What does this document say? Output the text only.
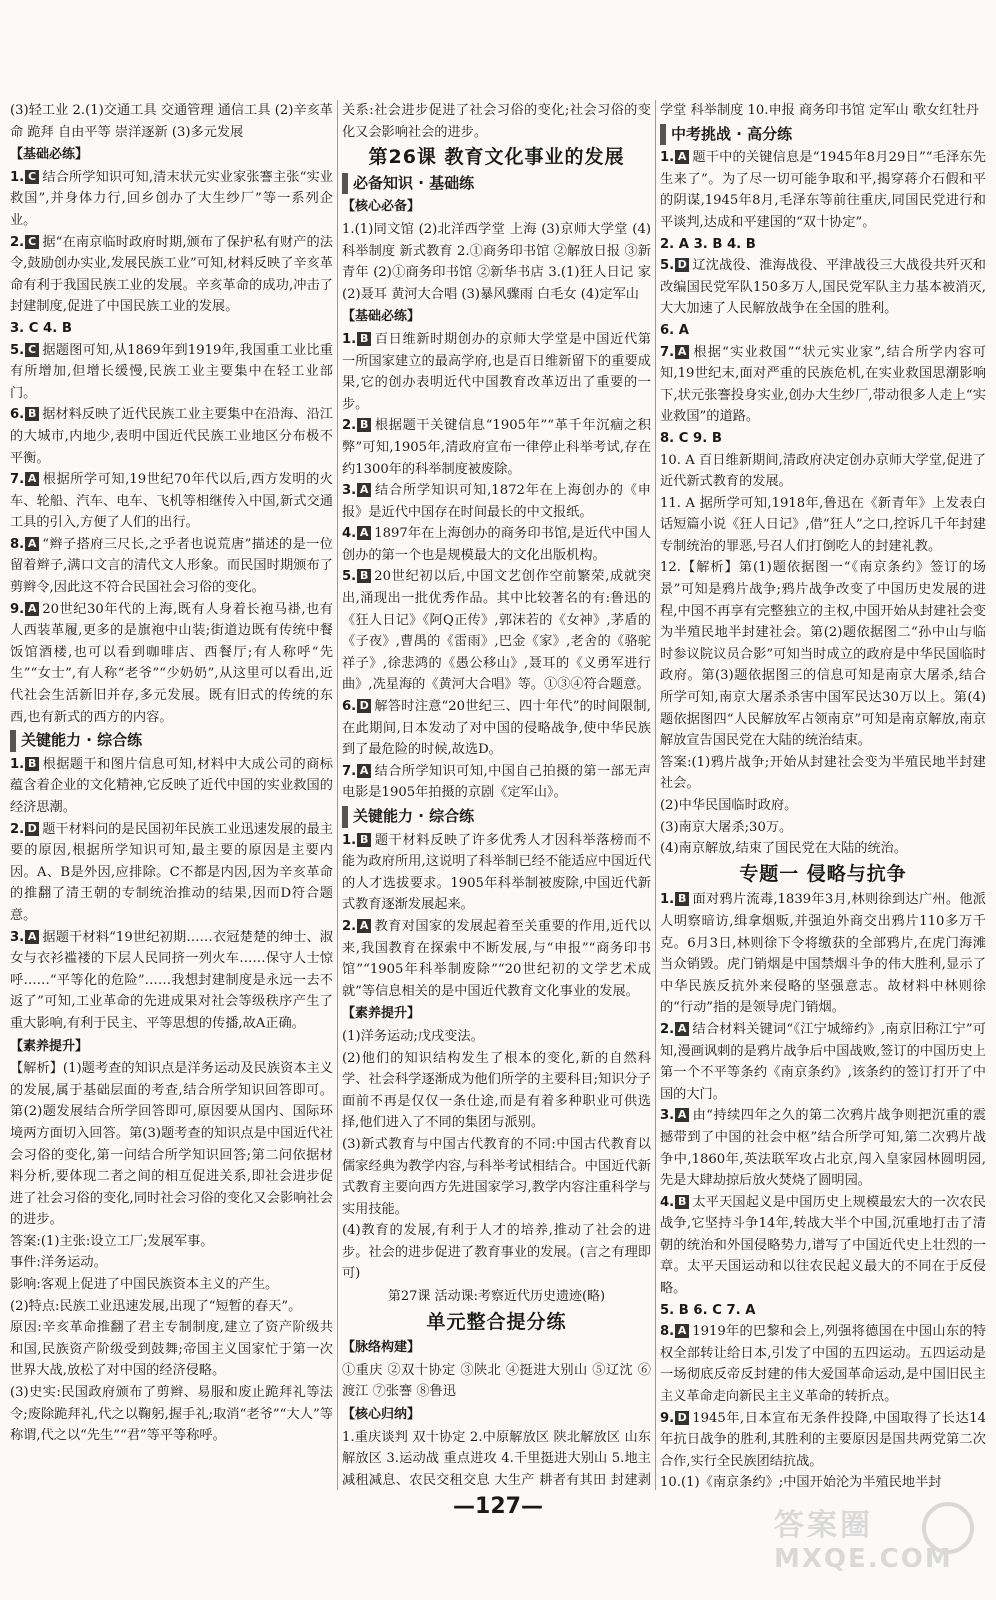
(3)轻工业 2.(1)交通工具 交通管理 通信工具 (2)辛亥革命 跪拜 自由平等 崇洋逐新 (3)多元发展

【基础必练】

1. C 结合所学知识可知,清末状元实业家张謇主张“实业救国”,并身体力行,回乡创办了大生纱厂”等一系列企业。

2. C 据“在南京临时政府时期,颁布了保护私有财产的法令,鼓励创办实业,发展民族工业”可知,材料反映了辛亥革命有利于我国民族工业的发展。辛亥革命的成功,冲击了封建制度,促进了中国民族工业的发展。

3. C 4. B

5. C 据题图可知,从1869年到1919年,我国重工业比重有所增加,但增长缓慢,民族工业主要集中在轻工业部门。

6. B 据材料反映了近代民族工业主要集中在沿海、沿江的大城市,内地少,表明中国近代民族工业地区分布极不平衡。

7. A 根据所学可知,19世纪70年代以后,西方发明的火车、轮船、汽车、电车、飞机等相继传入中国,新式交通工具的引入,方便了人们的出行。

8. A “辫子搭府三尺长,之乎者也说荒唐”描述的是一位留着辫子,满口文言的清代文人形象。而民国时期颁布了剪辫令,因此这不符合民国社会习俗的变化。

9. A 20世纪30年代的上海,既有人身着长袍马褂,也有人西装革履,更多的是旗袍中山装;街道边既有传统中餐饭馆酒楼,也可以看到咖啡店、西餐厅;有人称呼“先生”“女士”,有人称“老爷”“少奶奶”,从这里可以看出,近代社会生活新旧并存,多元发展。既有旧式的传统的东西,也有新式的西方的内容。

关键能力 · 综合练

1. B 根据题干和图片信息可知,材料中大成公司的商标蕴含着企业的文化精神,它反映了近代中国的实业救国的经济思潮。

2. D 题干材料问的是民国初年民族工业迅速发展的最主要的原因,根据所学知识可知,最主要的原因是主要内因。A、B是外因,应排除。C不都是内因,因为辛亥革命的推翻了清王朝的专制统治推动的结果,因而D符合题意。

3. A 据题干材料“19世纪初期……衣冠楚楚的绅士、淑女与衣衫褴褛的下层人民同挤一列火车……保守人士惊呼……“平等化的危险”……我想封建制度是永远一去不返了”可知,工业革命的先进成果对社会等级秩序产生了重大影响,有利于民主、平等思想的传播,故A正确。

【素养提升】

【解析】(1)题考查的知识点是洋务运动及民族资本主义的发展,属于基础层面的考查,结合所学知识回答即可。第(2)题发展结合所学回答即可,原因要从国内、国际环境两方面切入回答。第(3)题考查的知识点是中国近代社会习俗的变化,第一问结合所学知识回答;第二问依据材料分析,要体现二者之间的相互促进关系,即社会进步促进了社会习俗的变化,同时社会习俗的变化又会影响社会的进步。

答案:(1)主张:设立工厂;发展军事。

事件:洋务运动。

影响:客观上促进了中国民族资本主义的产生。

(2)特点:民族工业迅速发展,出现了“短暂的春天”。

原因:辛亥革命推翻了君主专制制度,建立了资产阶级共和国,民族资产阶级受到鼓舞;帝国主义国家忙于第一次世界大战,放松了对中国的经济侵略。

(3)史实:民国政府颁布了剪辫、易服和废止跪拜礼等法令;废除跪拜礼,代之以鞠躬,握手礼;取消“老爷”“大人”等称谓,代之以“先生”“君”等平等称呼。

关系:社会进步促进了社会习俗的变化;社会习俗的变化又会影响社会的进步。

第26课 教育文化事业的发展
必备知识 · 基础练
【核心必备】

1.(1)同文馆 (2)北洋西学堂 上海 (3)京师大学堂 (4)科举制度 新式教育 2.①商务印书馆 ②解放日报 ③新青年 (2)①商务印书馆 ②新华书店 3.(1)狂人日记 家 (2)聂耳 黄河大合唱 (3)暴风骤雨 白毛女 (4)定军山

【基础必练】

1. B 百日维新时期创办的京师大学堂是中国近代第一所国家建立的最高学府,也是百日维新留下的重要成果,它的创办表明近代中国教育改革迈出了重要的一步。

2. B 根据题干关键信息“1905年”“革千年沉痼之积弊”可知,1905年,清政府宣布一律停止科举考试,存在约1300年的科举制度被废除。

3. A 结合所学知识可知,1872年在上海创办的《申报》是近代中国存在时间最长的中文报纸。

4. A 1897年在上海创办的商务印书馆,是近代中国人创办的第一个也是规模最大的文化出版机构。

5. B 20世纪初以后,中国文艺创作空前繁荣,成就突出,涌现出一批优秀作品。其中比较著名的有:鲁迅的《狂人日记》《阿Q正传》,郭沫若的《女神》,茅盾的《子夜》,曹禺的《雷雨》,巴金《家》,老舍的《骆驼祥子》,徐悲鸿的《愚公移山》,聂耳的《义勇军进行曲》,冼星海的《黄河大合唱》等。①③④符合题意。

6. D 解答时注意“20世纪三、四十年代”的时间限制,在此期间,日本发动了对中国的侵略战争,使中华民族到了最危险的时候,故选D。

7. A 结合所学知识可知,中国自己拍摄的第一部无声电影是1905年拍摄的京剧《定军山》。

关键能力 · 综合练

1. B 题干材料反映了许多优秀人才因科举落榜而不能为政府所用,这说明了科举制已经不能适应中国近代的人才选拔要求。1905年科举制被废除,中国近代新式教育逐渐发展起来。

2. A 教育对国家的发展起着至关重要的作用,近代以来,我国教育在探索中不断发展,与“申报”“商务印书馆”“1905年科举制废除”“20世纪初的文学艺术成就”等信息相关的是中国近代教育文化事业的发展。

【素养提升】

(1)洋务运动;戊戌变法。

(2)他们的知识结构发生了根本的变化,新的自然科学、社会科学逐渐成为他们所学的主要科目;知识分子面前不再是仅仅一条仕途,而是有着多种职业可供选择,他们进入了不同的集团与派别。

(3)新式教育与中国古代教育的不同:中国古代教育以儒家经典为教学内容,与科举考试相结合。中国近代新式教育主要向西方先进国家学习,教学内容注重科学与实用技能。

(4)教育的发展,有利于人才的培养,推动了社会的进步。社会的进步促进了教育事业的发展。(言之有理即可)

第27课 活动课:考察近代历史遗迹(略)

单元整合提分练
【脉络构建】

①重庆 ②双十协定 ③陕北 ④挺进大别山 ⑤辽沈 ⑥渡江 ⑦张謇 ⑧鲁迅

【核心归纳】

1.重庆谈判 双十协定 2.中原解放区 陕北解放区 山东解放区 3.运动战 重点进攻 4.千里挺进大别山 5.地主减租减息、农民交租交息 大生产 耕者有其田 封建剥

学堂 科举制度 10.申报 商务印书馆 定军山 歌女红牡丹

中考挑战 · 高分练

1. A 题干中的关键信息是“1945年8月29日”“毛泽东先生来了”。为了尽一切可能争取和平,揭穿蒋介石假和平的阴谋,1945年8月,毛泽东等前往重庆,同国民党进行和平谈判,达成和平建国的“双十协定”。

2. A 3. B 4. B

5. D 辽沈战役、淮海战役、平津战役三大战役共歼灭和改编国民党军队150多万人,国民党军队主力基本被消灭,大大加速了人民解放战争在全国的胜利。

6. A

7. A 根据“实业救国”“状元实业家”,结合所学内容可知,19世纪末,面对严重的民族危机,在实业救国思潮影响下,状元张謇投身实业,创办大生纱厂,带动很多人走上“实业救国”的道路。

8. C 9. B

10. A 百日维新期间,清政府决定创办京师大学堂,促进了近代新式教育的发展。

11. A 据所学可知,1918年,鲁迅在《新青年》上发表白话短篇小说《狂人日记》,借“狂人”之口,控诉几千年封建专制统治的罪恶,号召人们打倒吃人的封建礼教。

12.【解析】第(1)题依据图一“《南京条约》签订的场景”可知是鸦片战争;鸦片战争改变了中国历史发展的进程,中国不再享有完整独立的主权,中国开始从封建社会变为半殖民地半封建社会。第(2)题依据图二“孙中山与临时参议院议员合影”可知当时成立的政府是中华民国临时政府。第(3)题依据图三的信息可知是南京大屠杀,结合所学可知,南京大屠杀杀害中国军民达30万以上。第(4)题依据图四“人民解放军占领南京”可知是南京解放,南京解放宣告国民党在大陆的统治结束。

答案:(1)鸦片战争;开始从封建社会变为半殖民地半封建社会。

(2)中华民国临时政府。

(3)南京大屠杀;30万。

(4)南京解放,结束了国民党在大陆的统治。

专题一 侵略与抗争

1. B 面对鸦片流毒,1839年3月,林则徐到达广州。他派人明察暗访,缉拿烟贩,并强迫外商交出鸦片110多万千克。6月3日,林则徐下令将缴获的全部鸦片,在虎门海滩当众销毁。虎门销烟是中国禁烟斗争的伟大胜利,显示了中华民族反抗外来侵略的坚强意志。故材料中林则徐的“行动”指的是领导虎门销烟。

2. A 结合材料关键词“《江宁城缔约》,南京旧称江宁”可知,漫画讽刺的是鸦片战争后中国战败,签订的中国历史上第一个不平等条约《南京条约》,该条约的签订打开了中国的大门。

3. A 由“持续四年之久的第二次鸦片战争则把沉重的震撼带到了中国的社会中枢”结合所学可知,第二次鸦片战争中,1860年,英法联军攻占北京,闯入皇家园林圆明园,先是大肆劫掠后放火焚烧了圆明园。

4. B 太平天国起义是中国历史上规模最宏大的一次农民战争,它坚持斗争14年,转战大半个中国,沉重地打击了清朝的统治和外国侵略势力,谱写了中国近代史上壮烈的一章。太平天国运动和以往农民起义最大的不同在于反侵略。

5. B 6. C 7. A

8. A 1919年的巴黎和会上,列强将德国在中国山东的特权全部转让给日本,引发了中国的五四运动。五四运动是一场彻底反帝反封建的伟大爱国革命运动,是中国旧民主主义革命走向新民主主义革命的转折点。

9. D 1945年,日本宣布无条件投降,中国取得了长达14年抗日战争的胜利,其胜利的主要原因是国共两党第二次合作,实行全民族团结抗战。

10.(1)《南京条约》;中国开始沦为半殖民地半封

—127—
答案圈
MXQE.COM
